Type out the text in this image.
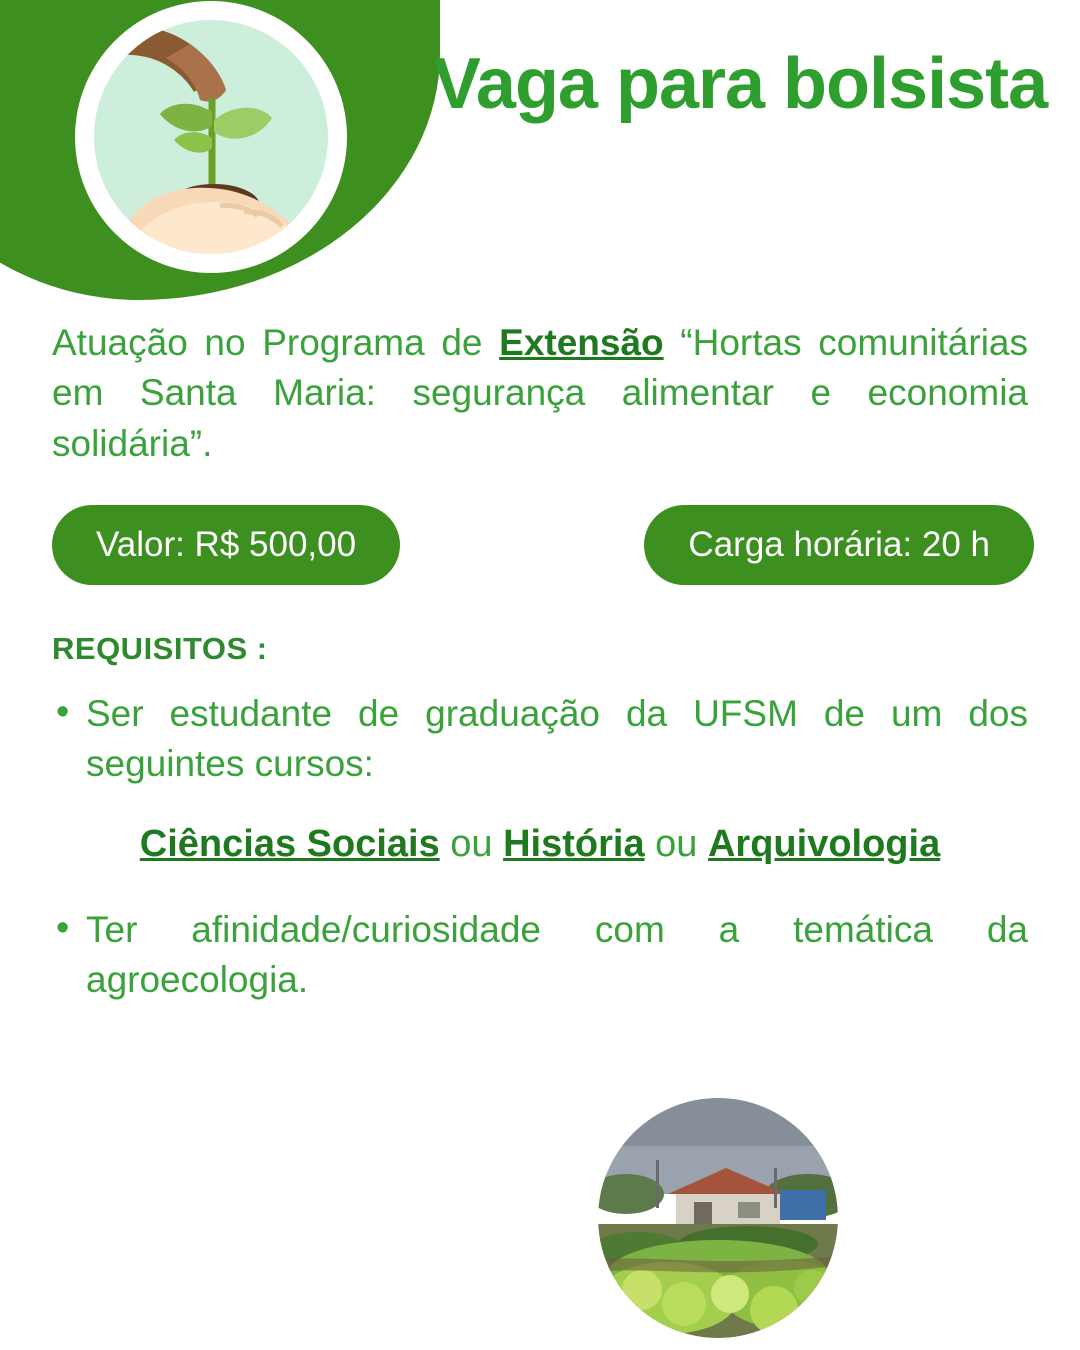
Vaga para bolsista

Atuação no Programa de Extensão “Hortas comunitárias em Santa Maria: segurança alimentar e economia solidária”.

Valor: R$ 500,00	Carga horária: 20 h
REQUISITOS :
• Ser estudante de graduação da UFSM de um dos seguintes cursos:
Ciências Sociais ou História ou Arquivologia
• Ter afinidade/curiosidade com a temática da agroecologia.
